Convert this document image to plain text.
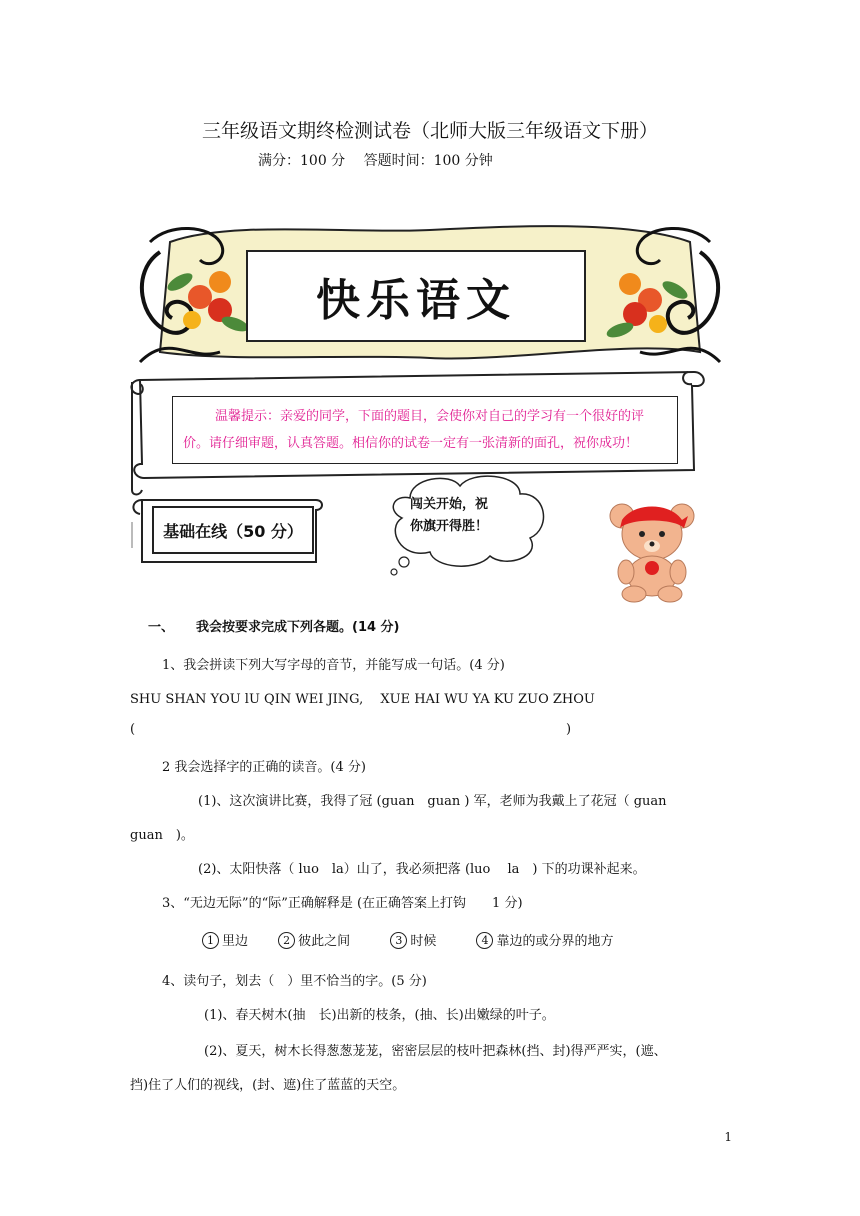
三年级语文期终检测试卷（北师大版三年级语文下册）
满分：100 分　 答题时间：100 分钟
快乐语文
温馨提示：亲爱的同学，下面的题目，会使你对自己的学习有一个很好的评价。请仔细审题，认真答题。相信你的试卷一定有一张清新的面孔，祝你成功！
基础在线（50 分）
闯关开始，祝
你旗开得胜！
一、 我会按要求完成下列各题。(14 分)
1、我会拼读下列大写字母的音节，并能写成一句话。(4 分)
SHU SHAN YOU lU QIN WEI JING,　 XUE HAI WU YA KU ZUO ZHOU
(	)
2 我会选择字的正确的读音。(4 分)
(1)、这次演讲比赛，我得了冠 (guan　guan ) 军，老师为我戴上了花冠（ guan
guan　)。
(2)、太阳快落（ luo　la）山了，我必须把落 (luo　 la　) 下的功课补起来。
3、“无边无际”的“际”正确解释是 (在正确答案上打钩　　1 分)
1 里边	2 彼此之间	3 时候	4 靠边的或分界的地方
4、读句子，划去（　）里不恰当的字。(5 分)
(1)、春天树木(抽　长)出新的枝条，(抽、长)出嫩绿的叶子。
(2)、夏天，树木长得葱葱茏茏，密密层层的枝叶把森林(挡、封)得严严实，(遮、
挡)住了人们的视线，(封、遮)住了蓝蓝的天空。
1
